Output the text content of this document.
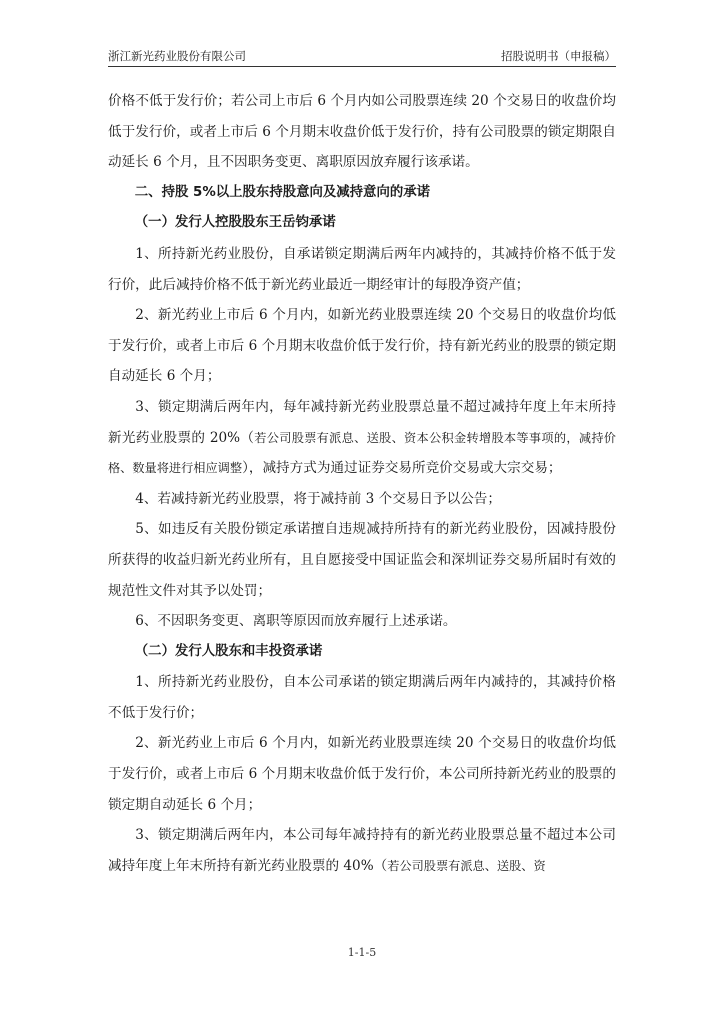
浙江新光药业股份有限公司	招股说明书（申报稿）

价格不低于发行价；若公司上市后 6 个月内如公司股票连续 20 个交易日的收盘价均低于发行价，或者上市后 6 个月期末收盘价低于发行价，持有公司股票的锁定期限自动延长 6 个月，且不因职务变更、离职原因放弃履行该承诺。

二、持股 5%以上股东持股意向及减持意向的承诺

（一）发行人控股股东王岳钧承诺

1、所持新光药业股份，自承诺锁定期满后两年内减持的，其减持价格不低于发行价，此后减持价格不低于新光药业最近一期经审计的每股净资产值；

2、新光药业上市后 6 个月内，如新光药业股票连续 20 个交易日的收盘价均低于发行价，或者上市后 6 个月期末收盘价低于发行价，持有新光药业的股票的锁定期自动延长 6 个月；

3、锁定期满后两年内，每年减持新光药业股票总量不超过减持年度上年末所持新光药业股票的 20%（若公司股票有派息、送股、资本公积金转增股本等事项的，减持价格、数量将进行相应调整），减持方式为通过证券交易所竞价交易或大宗交易；

4、若减持新光药业股票，将于减持前 3 个交易日予以公告；

5、如违反有关股份锁定承诺擅自违规减持所持有的新光药业股份，因减持股份所获得的收益归新光药业所有，且自愿接受中国证监会和深圳证券交易所届时有效的规范性文件对其予以处罚；

6、不因职务变更、离职等原因而放弃履行上述承诺。

（二）发行人股东和丰投资承诺

1、所持新光药业股份，自本公司承诺的锁定期满后两年内减持的，其减持价格不低于发行价；

2、新光药业上市后 6 个月内，如新光药业股票连续 20 个交易日的收盘价均低于发行价，或者上市后 6 个月期末收盘价低于发行价，本公司所持新光药业的股票的锁定期自动延长 6 个月；

3、锁定期满后两年内，本公司每年减持持有的新光药业股票总量不超过本公司减持年度上年末所持有新光药业股票的 40%（若公司股票有派息、送股、资

1-1-5
